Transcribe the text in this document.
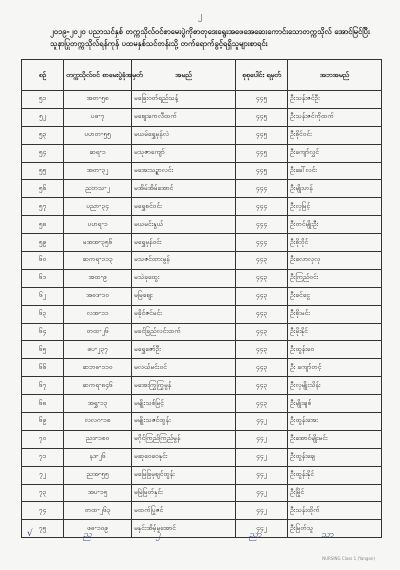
၂
၂၀၁၉-၂၀၂၀ ပညာသင်နှစ် တက္ကသိုလ်ဝင်စာမေးပွဲကိုစာတုဒေးရွေးအဖေအေဆေးကောင်းသောတက္ကသိုလ် အောင်မြင်ပြီး သူနာပြုတက္ကသိုလ်ရန်ကုန် ပထမနှစ်သင်တန်းသို့ တက်ရောက်ခွင့်ရရှိသူများစာရင်း
စဉ်	တက္ကသိုလ်ဝင် စာမေးပွဲခုံအမှတ်	အမည်	စုစုပေါင်း ရမှတ်	အဘအမည်
၅၁	အတ-၅၈	မခြေးဝတ်ရည်သန့်	၄၄၅	ဦးသန်းဇင်ဦး
၅၂	ပဖ-၇	မဈေးကေလီထက်	၄၄၅	ဦးသန်းဇင်ကိုထက်
၅၃	ပဟတ-၅၅	မယမ်ရွှေမှန်လဲ	၄၄၅	ဦးစိုင်ဝင်း
၅၄	ဆရ-၁	မသုဇာကျော်	၄၄၅	ဦးကျော်လွှင်
၅၅	အတ-၃၂	မအေးသဥ္စာလင်း	၄၄၅	ဦးခေါ်လင်း
၅၆	ညဘသ-၂	မအိမ်အိမ်အောင်	၄၄၄	ဦးမျိုးဟန်
၅၇	ပညာ-၃၄	မရွှေစင်ဝင်း	၄၄၄	ဦးလှမြင့်
၅၈	ပဟရ-၁	မယမင်းနွယ်	၄၄၄	ဦးတင်မျိုးဦး
၅၉	မအအ-၃၅၆	မရွှေမှန်ဝင်း	၄၄၄	ဦးစိုးဝိုင်
၆၀	ဆကရ-၁၁၃	မသဇင်ထားမွန်	၄၄၃	ဦးလောလှလှ
၆၁	အထ-၉	မသဲခုထွေး	၄၄၃	ဦးကြည်ဝင်း
၆၂	အဓဒ-၁၀	မမြဈေး	၄၄၃	ဦးခင်ငွေ
၆၃	လအ-၁၁	မခိုင်ဇင်မင်း	၄၄၃	ဦးစိုးမင်း
၆၄	တထ-၂၆	မခင်ခြည်လင်းထက်	၄၄၃	ဦးမိုးနိုင်
၆၅	ဖပ-၂၃၇	မရွှေဇော်ဦး	၄၄၃	ဦးထွန်းဝေ
၆၆	ဆဘဓ-၁၁၀	မလယ်မင်းဝင်	၄၄၃	ဦး ကျော်တင့်
၆၇	ဆကရ-၈၄၆	မအေးကြွကြွမွန်	၄၄၃	ဦးလှမျိုးသိန်း
၆၈	အရွှ-၁၃	မမျိုးသစ်မြင့်	၄၄၃	ဦးမျိုးချစ်
၆၉	လလဂ-၁၈	မမျိုးသဇင်ထွန်း	၄၄၂	ဦးထွန်းအေး
၇၀	ညဒ-၁၈၀	မဂိုင်ကြည်ကြည်မွန်	၄၄၂	ဦးအောင်မျိုးမင်း
၇၁	နဒ-၂၆	မဆုဝေဝေနှင်း	၄၄၂	ဦးထွန်းချေ
၇၂	ညအ-၅၅	မမြေခြမှဈင်ထွန်း	၄၄၂	ဦးထွန်းနိုင်
၇၃	အပ-၁၅	မမြဲမြတ်နှင်း	၄၄၂	ဦးမြိုင်
၇၄	တထ-၂၆၃	မထက်ပြုဇင်	၄၄၂	ဦးသန်းထိုက်
၇၅	ဖဓ-၁၀၉	မနှင်းအိမ့်မူအောင်	၄၄၂	ဦးမြတ်သူ
√	ည	၂	ညာ	သာ
NURSING Class 1 (Yangon)
